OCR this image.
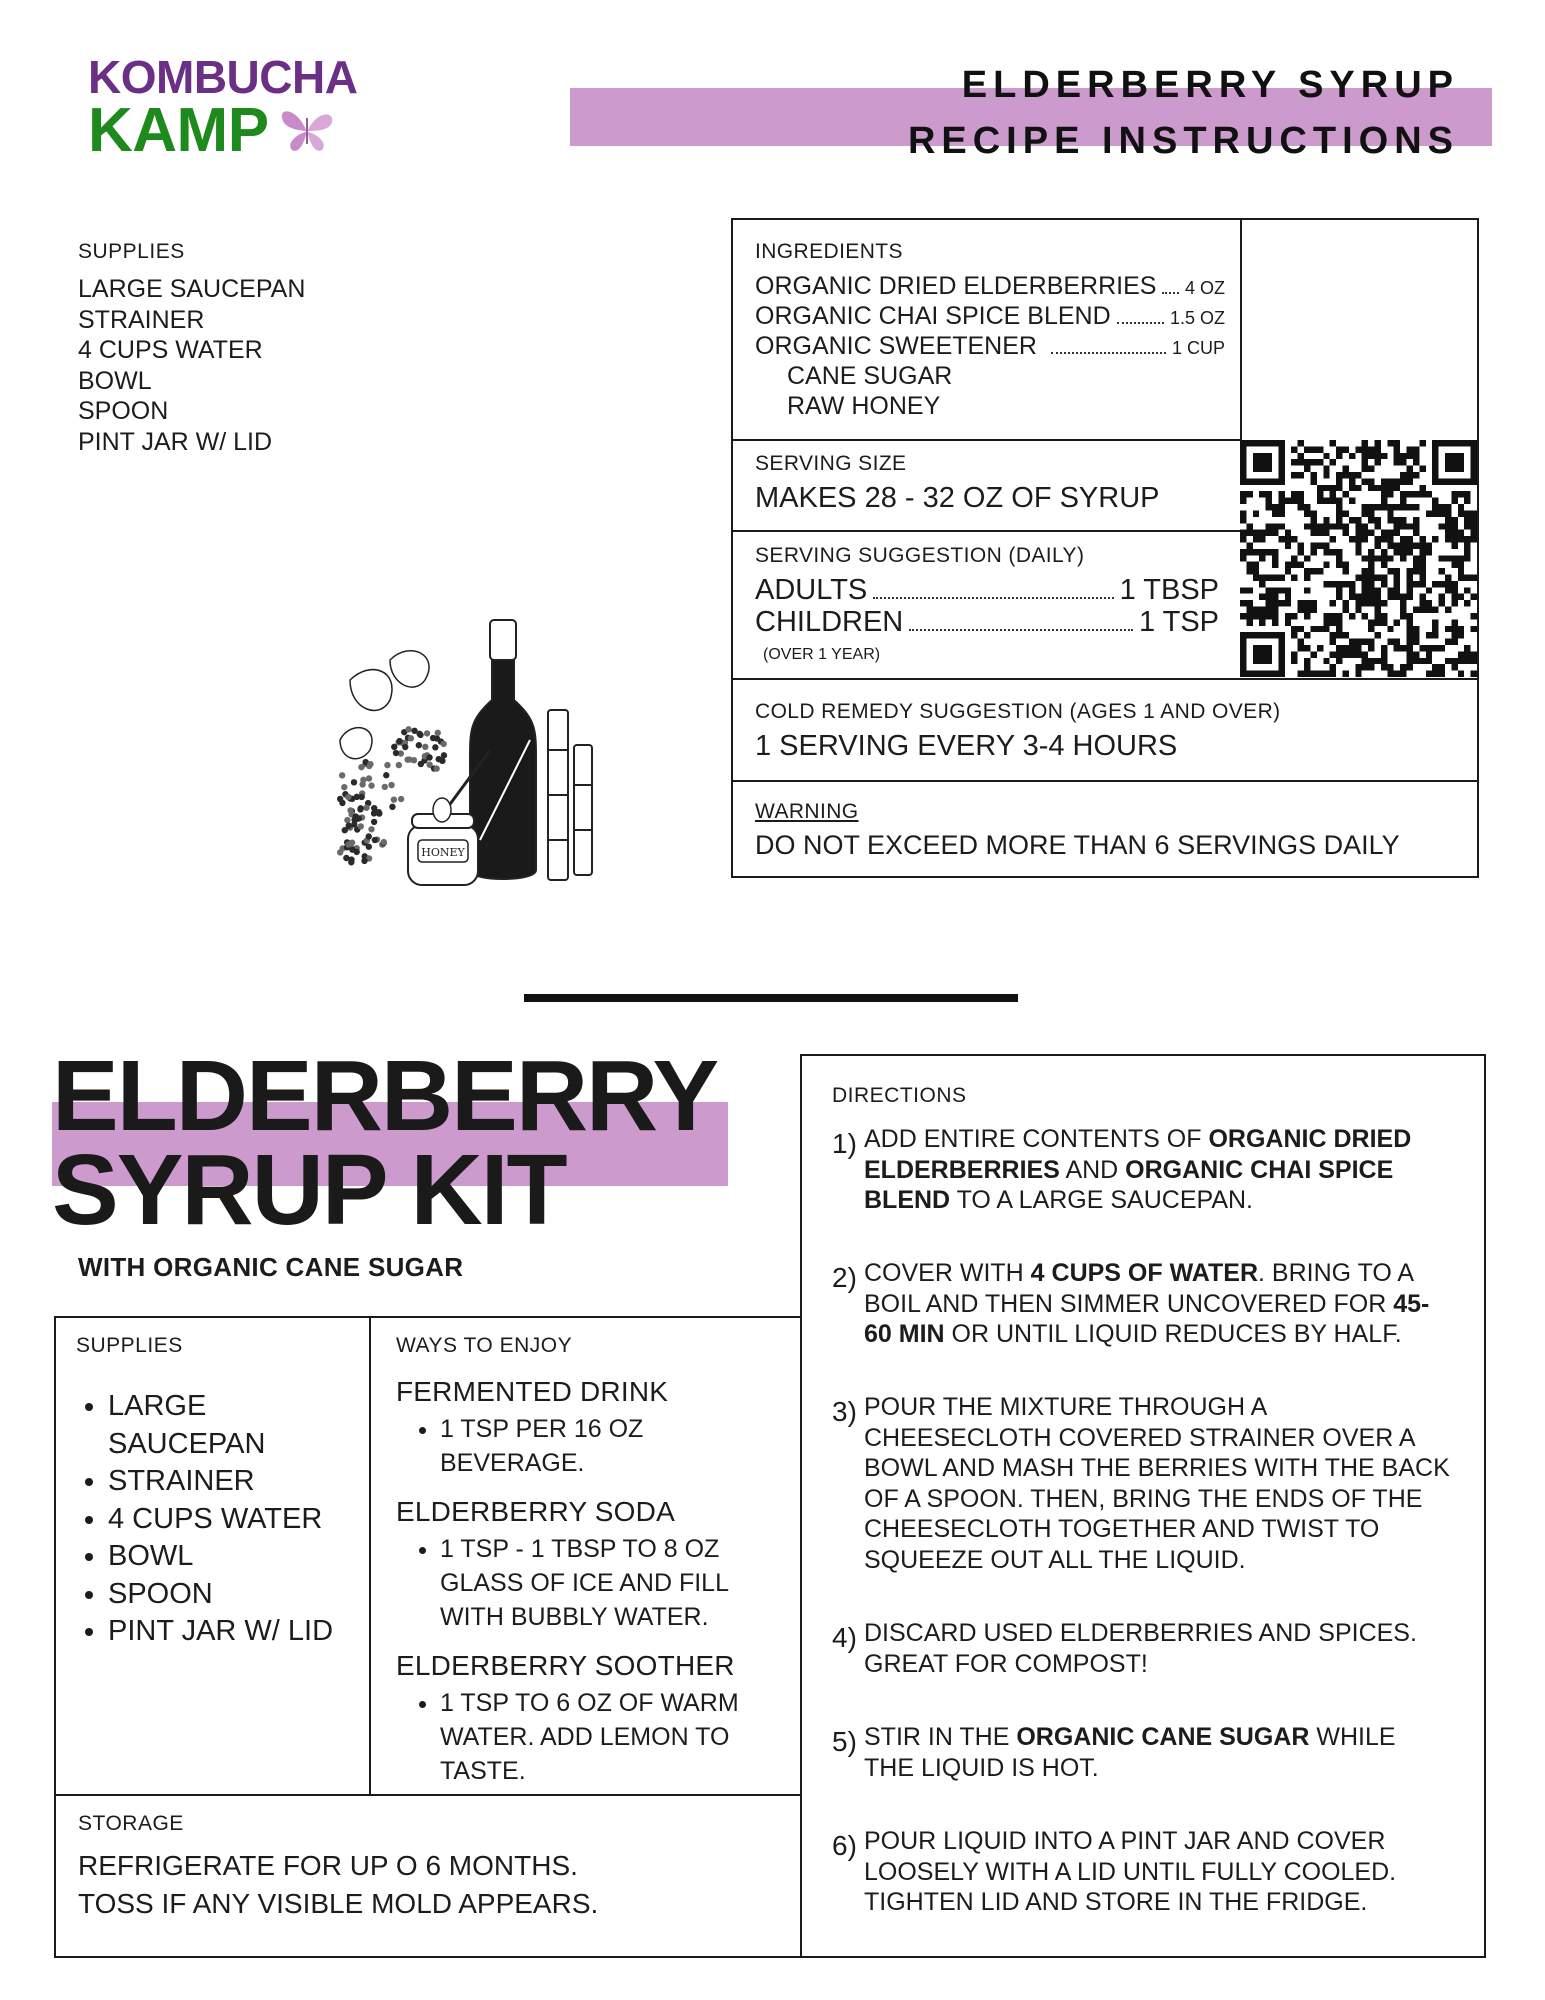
KOMBUCHA
KAMP
ELDERBERRY SYRUP
RECIPE INSTRUCTIONS
SUPPLIES
LARGE SAUCEPAN
STRAINER
4 CUPS WATER
BOWL
SPOON
PINT JAR W/ LID
INGREDIENTS
ORGANIC DRIED ELDERBERRIES 4 OZ
ORGANIC CHAI SPICE BLEND	1.5 OZ
ORGANIC SWEETENER	1 CUP
CANE SUGAR
RAW HONEY
SERVING SIZE
MAKES 28 - 32 OZ OF SYRUP
SERVING SUGGESTION (DAILY)
ADULTS	1 TBSP
CHILDREN	1 TSP
(OVER 1 YEAR)
COLD REMEDY SUGGESTION (AGES 1 AND OVER)
1 SERVING EVERY 3-4 HOURS
WARNING
DO NOT EXCEED MORE THAN 6 SERVINGS DAILY
HONEY
ELDERBERRY
SYRUP KIT
WITH ORGANIC CANE SUGAR
SUPPLIES
• LARGE SAUCEPAN
• STRAINER
• 4 CUPS WATER
• BOWL
• SPOON
• PINT JAR W/ LID
WAYS TO ENJOY
FERMENTED DRINK
• 1 TSP PER 16 OZ BEVERAGE.
ELDERBERRY SODA
• 1 TSP - 1 TBSP TO 8 OZ GLASS OF ICE AND FILL WITH BUBBLY WATER.
ELDERBERRY SOOTHER
• 1 TSP TO 6 OZ OF WARM WATER. ADD LEMON TO TASTE.
STORAGE
REFRIGERATE FOR UP O 6 MONTHS.
TOSS IF ANY VISIBLE MOLD APPEARS.
DIRECTIONS
1) ADD ENTIRE CONTENTS OF ORGANIC DRIED ELDERBERRIES AND ORGANIC CHAI SPICE BLEND TO A LARGE SAUCEPAN.
2) COVER WITH 4 CUPS OF WATER. BRING TO A BOIL AND THEN SIMMER UNCOVERED FOR 45-60 MIN OR UNTIL LIQUID REDUCES BY HALF.
3) POUR THE MIXTURE THROUGH A CHEESECLOTH COVERED STRAINER OVER A BOWL AND MASH THE BERRIES WITH THE BACK OF A SPOON. THEN, BRING THE ENDS OF THE CHEESECLOTH TOGETHER AND TWIST TO SQUEEZE OUT ALL THE LIQUID.
4) DISCARD USED ELDERBERRIES AND SPICES. GREAT FOR COMPOST!
5) STIR IN THE ORGANIC CANE SUGAR WHILE THE LIQUID IS HOT.
6) POUR LIQUID INTO A PINT JAR AND COVER LOOSELY WITH A LID UNTIL FULLY COOLED. TIGHTEN LID AND STORE IN THE FRIDGE.
